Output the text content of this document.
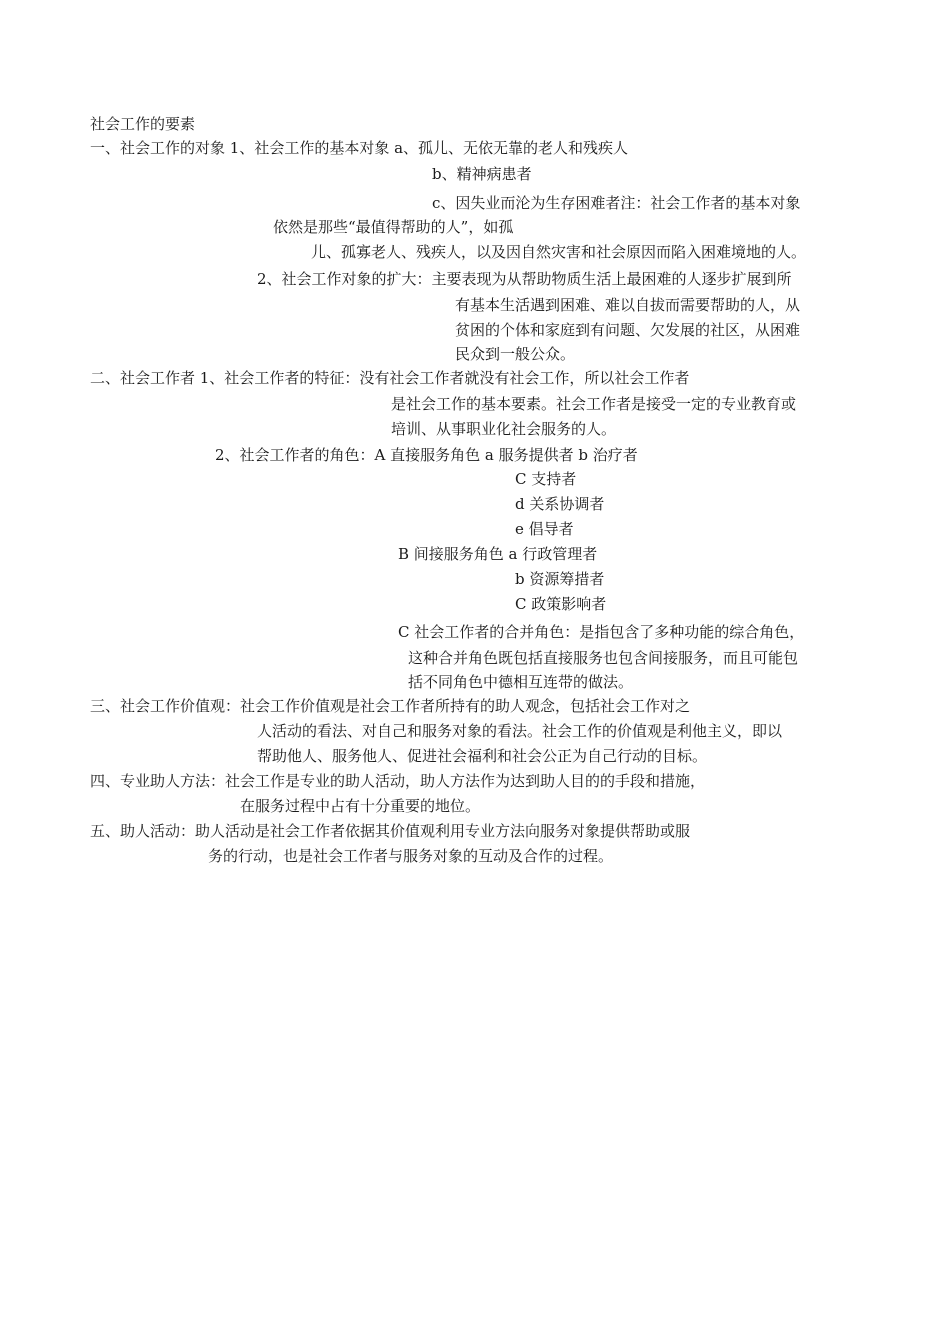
社会工作的要素
一、社会工作的对象 1、社会工作的基本对象 a、孤儿、无依无靠的老人和残疾人
b、精神病患者
c、因失业而沦为生存困难者注：社会工作者的基本对象
依然是那些“最值得帮助的人”，如孤
儿、孤寡老人、残疾人，以及因自然灾害和社会原因而陷入困难境地的人。
2、社会工作对象的扩大：主要表现为从帮助物质生活上最困难的人逐步扩展到所
有基本生活遇到困难、难以自拔而需要帮助的人，从
贫困的个体和家庭到有问题、欠发展的社区，从困难
民众到一般公众。
二、社会工作者 1、社会工作者的特征：没有社会工作者就没有社会工作，所以社会工作者
是社会工作的基本要素。社会工作者是接受一定的专业教育或
培训、从事职业化社会服务的人。
2、社会工作者的角色：A 直接服务角色 a 服务提供者 b 治疗者
C 支持者
d 关系协调者
e 倡导者
B 间接服务角色 a 行政管理者
b 资源筹措者
C 政策影响者
C 社会工作者的合并角色：是指包含了多种功能的综合角色，
这种合并角色既包括直接服务也包含间接服务，而且可能包
括不同角色中德相互连带的做法。
三、社会工作价值观：社会工作价值观是社会工作者所持有的助人观念，包括社会工作对之
人活动的看法、对自己和服务对象的看法。社会工作的价值观是利他主义，即以
帮助他人、服务他人、促进社会福利和社会公正为自己行动的目标。
四、专业助人方法：社会工作是专业的助人活动，助人方法作为达到助人目的的手段和措施，
在服务过程中占有十分重要的地位。
五、助人活动：助人活动是社会工作者依据其价值观利用专业方法向服务对象提供帮助或服
务的行动，也是社会工作者与服务对象的互动及合作的过程。
